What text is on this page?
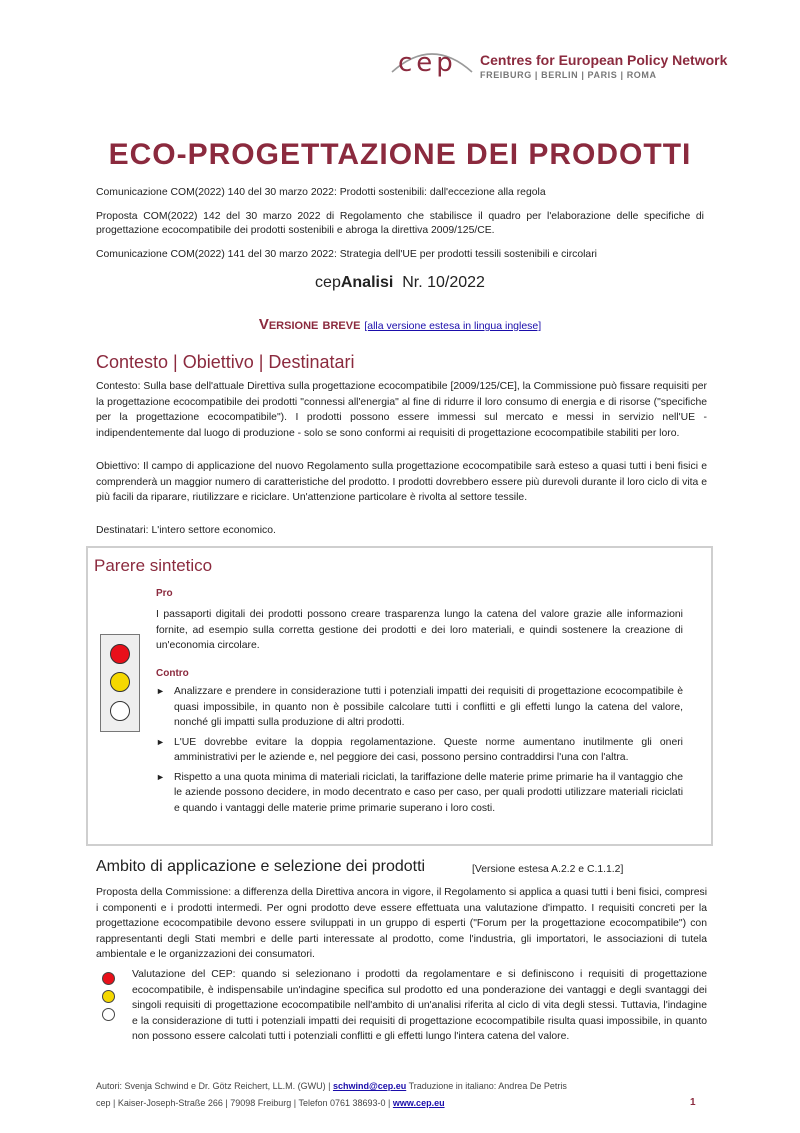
cep Centres for European Policy Network
FREIBURG | BERLIN | PARIS | ROMA
ECO-PROGETTAZIONE DEI PRODOTTI
Comunicazione COM(2022) 140 del 30 marzo 2022: Prodotti sostenibili: dall'eccezione alla regola
Proposta COM(2022) 142 del 30 marzo 2022 di Regolamento che stabilisce il quadro per l'elaborazione delle specifiche di progettazione ecocompatibile dei prodotti sostenibili e abroga la direttiva 2009/125/CE.
Comunicazione COM(2022) 141 del 30 marzo 2022: Strategia dell'UE per prodotti tessili sostenibili e circolari
cepAnalisi Nr. 10/2022
Versione breve [alla versione estesa in lingua inglese]
Contesto | Obiettivo | Destinatari
Contesto: Sulla base dell'attuale Direttiva sulla progettazione ecocompatibile [2009/125/CE], la Commissione può fissare requisiti per la progettazione ecocompatibile dei prodotti "connessi all'energia" al fine di ridurre il loro consumo di energia e di risorse ("specifiche per la progettazione ecocompatibile"). I prodotti possono essere immessi sul mercato e messi in servizio nell'UE - indipendentemente dal luogo di produzione - solo se sono conformi ai requisiti di progettazione ecocompatibile stabiliti per loro.
Obiettivo: Il campo di applicazione del nuovo Regolamento sulla progettazione ecocompatibile sarà esteso a quasi tutti i beni fisici e comprenderà un maggior numero di caratteristiche del prodotto. I prodotti dovrebbero essere più durevoli durante il loro ciclo di vita e più facili da riparare, riutilizzare e riciclare. Un'attenzione particolare è rivolta al settore tessile.
Destinatari: L'intero settore economico.
Parere sintetico
Pro
I passaporti digitali dei prodotti possono creare trasparenza lungo la catena del valore grazie alle informazioni fornite, ad esempio sulla corretta gestione dei prodotti e dei loro materiali, e quindi sostenere la creazione di un'economia circolare.
Contro
► Analizzare e prendere in considerazione tutti i potenziali impatti dei requisiti di progettazione ecocompatibile è quasi impossibile, in quanto non è possibile calcolare tutti i conflitti e gli effetti lungo la catena del valore, nonché gli impatti sulla produzione di altri prodotti.
► L'UE dovrebbe evitare la doppia regolamentazione. Queste norme aumentano inutilmente gli oneri amministrativi per le aziende e, nel peggiore dei casi, possono persino contraddirsi l'una con l'altra.
► Rispetto a una quota minima di materiali riciclati, la tariffazione delle materie prime primarie ha il vantaggio che le aziende possono decidere, in modo decentrato e caso per caso, per quali prodotti utilizzare materiali riciclati e quando i vantaggi delle materie prime primarie superano i loro costi.
Ambito di applicazione e selezione dei prodotti	[Versione estesa A.2.2 e C.1.1.2]
Proposta della Commissione: a differenza della Direttiva ancora in vigore, il Regolamento si applica a quasi tutti i beni fisici, compresi i componenti e i prodotti intermedi. Per ogni prodotto deve essere effettuata una valutazione d'impatto. I requisiti concreti per la progettazione ecocompatibile devono essere sviluppati in un gruppo di esperti ("Forum per la progettazione ecocompatibile") con rappresentanti degli Stati membri e delle parti interessate al prodotto, come l'industria, gli importatori, le associazioni di tutela ambientale e le organizzazioni dei consumatori.
Valutazione del CEP: quando si selezionano i prodotti da regolamentare e si definiscono i requisiti di progettazione ecocompatibile, è indispensabile un'indagine specifica sul prodotto ed una ponderazione dei vantaggi e degli svantaggi dei singoli requisiti di progettazione ecocompatibile nell'ambito di un'analisi riferita al ciclo di vita degli stessi. Tuttavia, l'indagine e la considerazione di tutti i potenziali impatti dei requisiti di progettazione ecocompatibile risulta quasi impossibile, in quanto non possono essere calcolati tutti i potenziali conflitti e gli effetti lungo l'intera catena del valore.
Autori: Svenja Schwind e Dr. Götz Reichert, LL.M. (GWU) | schwind@cep.eu Traduzione in italiano: Andrea De Petris
cep | Kaiser-Joseph-Straße 266 | 79098 Freiburg | Telefon 0761 38693-0 | www.cep.eu	1
